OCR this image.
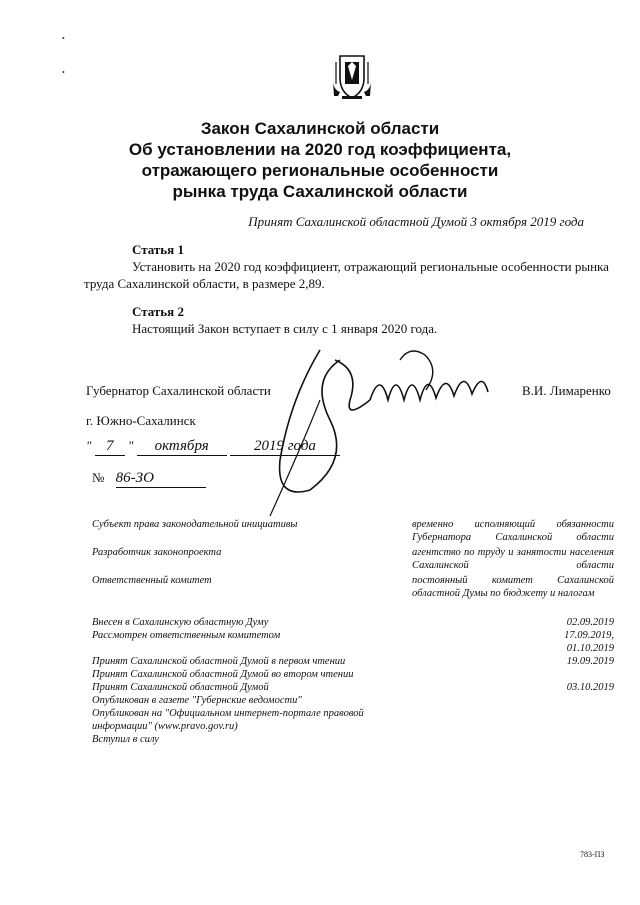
•
•
Закон Сахалинской области
Об установлении на 2020 год коэффициента, отражающего региональные особенности рынка труда Сахалинской области
Принят Сахалинской областной Думой 3 октября 2019 года
Статья 1
Установить на 2020 год коэффициент, отражающий региональные особенности рынка труда Сахалинской области, в размере 2,89.
Статья 2
Настоящий Закон вступает в силу с 1 января 2020 года.
Губернатор Сахалинской области	В.И. Лимаренко
г. Южно-Сахалинск
" 7 " октября	2019 года
№ 86-ЗО
Субъект права законодательной инициативы	временно исполняющий обязанности Губернатора Сахалинской области
Разработчик законопроекта	агентство по труду и занятости населения Сахалинской области
Ответственный комитет	постоянный комитет Сахалинской областной Думы по бюджету и налогам
Внесен в Сахалинскую областную Думу	02.09.2019
Рассмотрен ответственным комитетом	17.09.2019,
01.10.2019
Принят Сахалинской областной Думой в первом чтении	19.09.2019
Принят Сахалинской областной Думой во втором чтении
Принят Сахалинской областной Думой	03.10.2019
Опубликован в газете "Губернские ведомости"
Опубликован на "Официальном интернет-портале правовой информации" (www.pravo.gov.ru)
Вступил в силу
783-ПЗ
